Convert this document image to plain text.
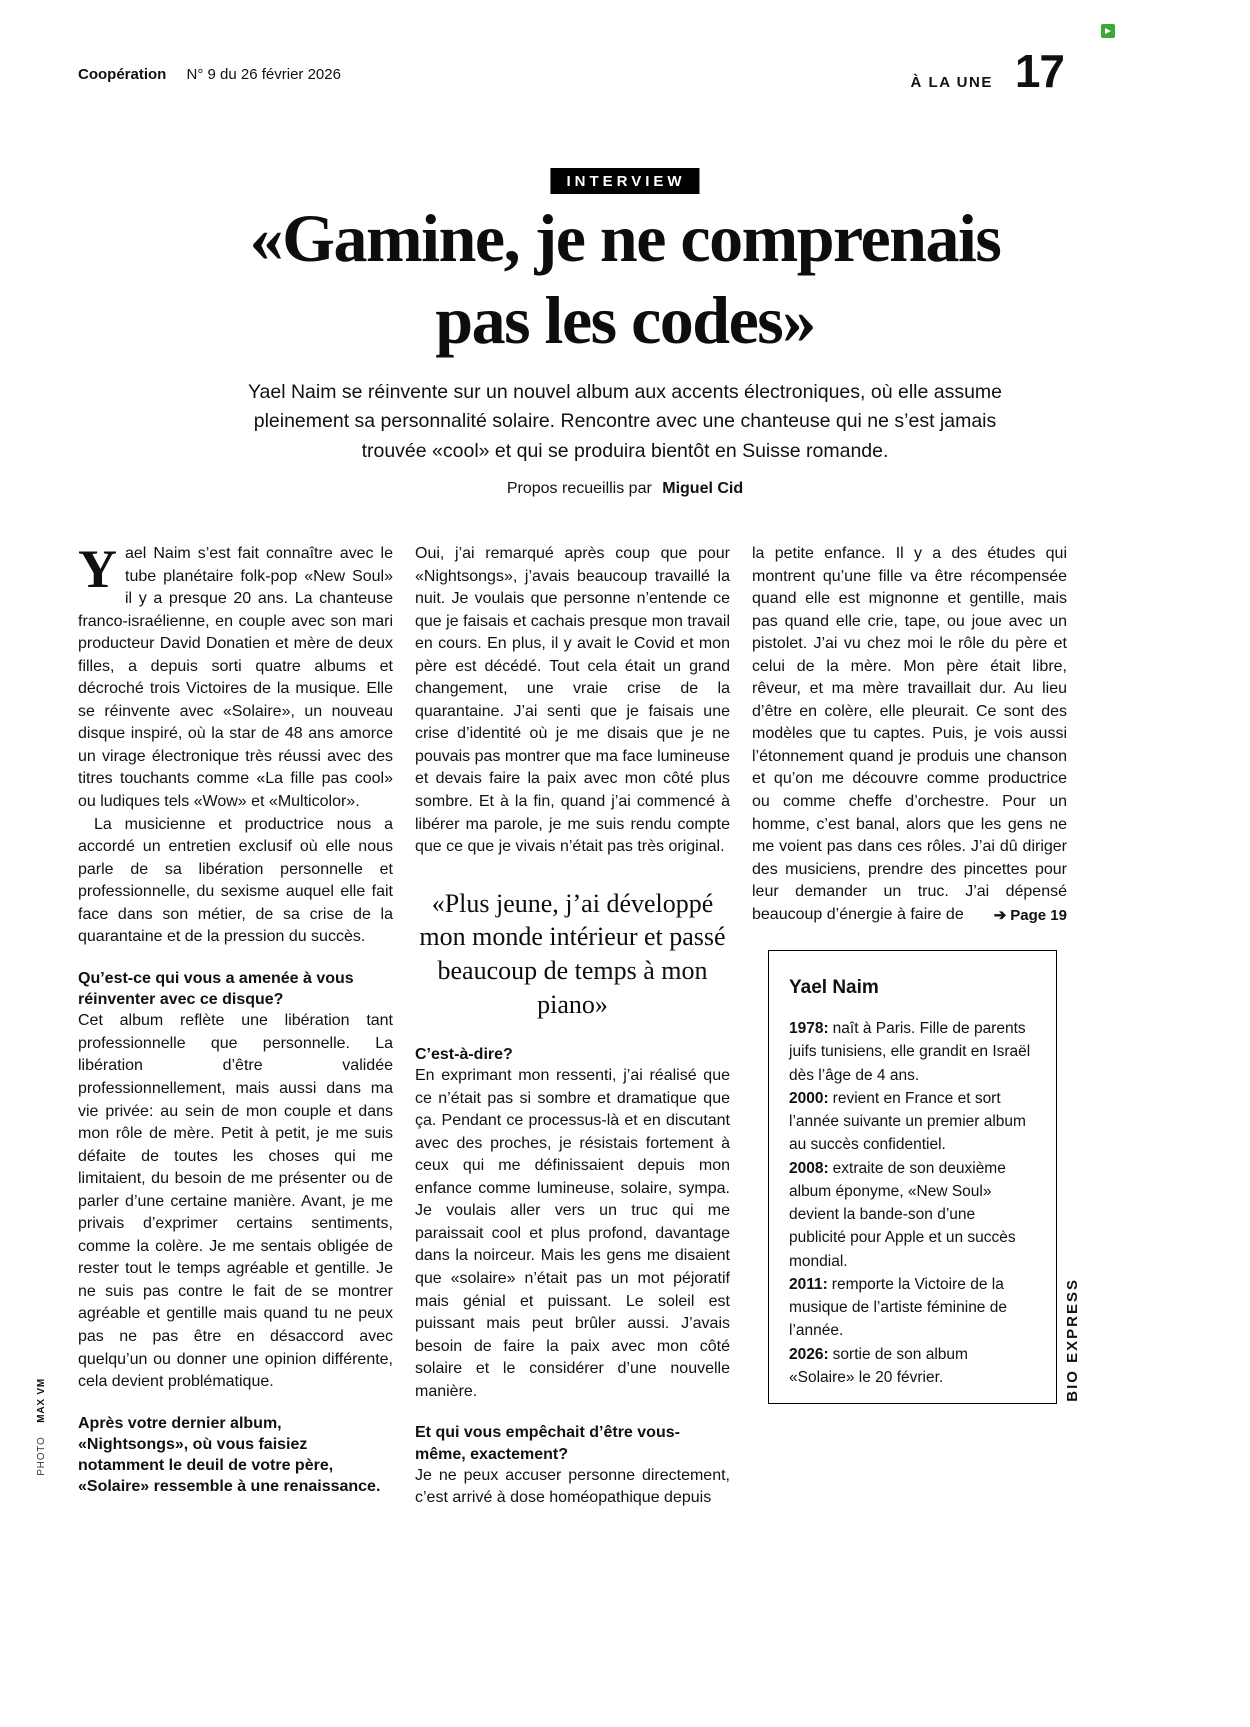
Coopération N° 9 du 26 février 2026	À LA UNE 17
INTERVIEW
«Gamine, je ne comprenais
pas les codes»
Yael Naim se réinvente sur un nouvel album aux accents électroniques, où elle assume pleinement sa personnalité solaire. Rencontre avec une chanteuse qui ne s’est jamais trouvée «cool» et qui se produira bientôt en Suisse romande.
Propos recueillis par Miguel Cid

Yael Naim s’est fait connaître avec le tube planétaire folk-pop «New Soul» il y a presque 20 ans. La chanteuse franco-israélienne, en couple avec son mari producteur David Donatien et mère de deux filles, a depuis sorti quatre albums et décroché trois Victoires de la musique. Elle se réinvente avec «Solaire», un nouveau disque inspiré, où la star de 48 ans amorce un virage électronique très réussi avec des titres touchants comme «La fille pas cool» ou ludiques tels «Wow» et «Multicolor».

La musicienne et productrice nous a accordé un entretien exclusif où elle nous parle de sa libération personnelle et professionnelle, du sexisme auquel elle fait face dans son métier, de sa crise de la quarantaine et de la pression du succès.

Qu’est-ce qui vous a amenée à vous réinventer avec ce disque?

Cet album reflète une libération tant professionnelle que personnelle. La libération d’être validée professionnellement, mais aussi dans ma vie privée: au sein de mon couple et dans mon rôle de mère. Petit à petit, je me suis défaite de toutes les choses qui me limitaient, du besoin de me présenter ou de parler d’une certaine manière. Avant, je me privais d’exprimer certains sentiments, comme la colère. Je me sentais obligée de rester tout le temps agréable et gentille. Je ne suis pas contre le fait de se montrer agréable et gentille mais quand tu ne peux pas ne pas être en désaccord avec quelqu’un ou donner une opinion différente, cela devient problématique.

Après votre dernier album, «Nightsongs», où vous faisiez notamment le deuil de votre père, «Solaire» ressemble à une renaissance.

Oui, j’ai remarqué après coup que pour «Nightsongs», j’avais beaucoup travaillé la nuit. Je voulais que personne n’entende ce que je faisais et cachais presque mon travail en cours. En plus, il y avait le Covid et mon père est décédé. Tout cela était un grand changement, une vraie crise de la quarantaine. J’ai senti que je faisais une crise d’identité où je me disais que je ne pouvais pas montrer que ma face lumineuse et devais faire la paix avec mon côté plus sombre. Et à la fin, quand j’ai commencé à libérer ma parole, je me suis rendu compte que ce que je vivais n’était pas très original.

«Plus jeune, j’ai développé mon monde intérieur et passé beaucoup de temps à mon piano»

C’est-à-dire?

En exprimant mon ressenti, j’ai réalisé que ce n’était pas si sombre et dramatique que ça. Pendant ce processus-là et en discutant avec des proches, je résistais fortement à ceux qui me définissaient depuis mon enfance comme lumineuse, solaire, sympa. Je voulais aller vers un truc qui me paraissait cool et plus profond, davantage dans la noirceur. Mais les gens me disaient que «solaire» n’était pas un mot péjoratif mais génial et puissant. Le soleil est puissant mais peut brûler aussi. J’avais besoin de faire la paix avec mon côté solaire et le considérer d’une nouvelle manière.

Et qui vous empêchait d’être vous-même, exactement?

Je ne peux accuser personne directement, c’est arrivé à dose homéopathique depuis

la petite enfance. Il y a des études qui montrent qu’une fille va être récompensée quand elle est mignonne et gentille, mais pas quand elle crie, tape, ou joue avec un pistolet. J’ai vu chez moi le rôle du père et celui de la mère. Mon père était libre, rêveur, et ma mère travaillait dur. Au lieu d’être en colère, elle pleurait. Ce sont des modèles que tu captes. Puis, je vois aussi l’étonnement quand je produis une chanson et qu’on me découvre comme productrice ou comme cheffe d’orchestre. Pour un homme, c’est banal, alors que les gens ne me voient pas dans ces rôles. J’ai dû diriger des musiciens, prendre des pincettes pour leur demander un truc. J’ai dépensé beaucoup d’énergie à faire de ➔ Page 19

Yael Naim

1978: naît à Paris. Fille de parents juifs tunisiens, elle grandit en Israël dès l’âge de 4 ans.

2000: revient en France et sort l’année suivante un premier album au succès confidentiel.

2008: extraite de son deuxième album éponyme, «New Soul» devient la bande-son d’une publicité pour Apple et un succès mondial.

2011: remporte la Victoire de la musique de l’artiste féminine de l’année.

2026: sortie de son album «Solaire» le 20 février.	BIO EXPRESS
PHOTO MAX VM
